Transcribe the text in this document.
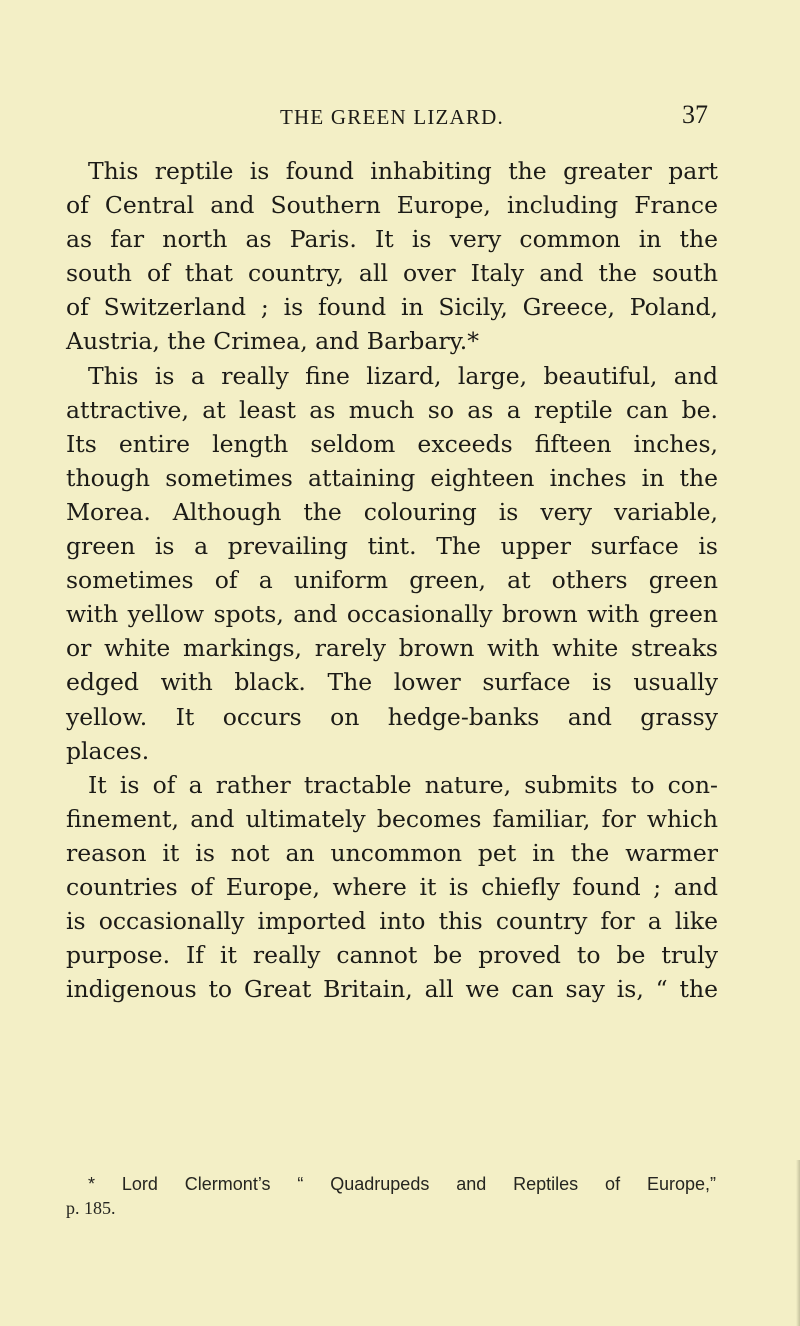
THE GREEN LIZARD.	37
This reptile is found inhabiting the greater part
of Central and Southern Europe, including France
as far north as Paris. It is very common in the
south of that country, all over Italy and the south
of Switzerland ; is found in Sicily, Greece, Poland,
Austria, the Crimea, and Barbary.*
This is a really fine lizard, large, beautiful, and
attractive, at least as much so as a reptile can be.
Its entire length seldom exceeds fifteen inches,
though sometimes attaining eighteen inches in the
Morea. Although the colouring is very variable,
green is a prevailing tint. The upper surface is
sometimes of a uniform green, at others green
with yellow spots, and occasionally brown with green
or white markings, rarely brown with white streaks
edged with black. The lower surface is usually
yellow. It occurs on hedge-banks and grassy
places.
It is of a rather tractable nature, submits to con-
finement, and ultimately becomes familiar, for which
reason it is not an uncommon pet in the warmer
countries of Europe, where it is chiefly found ; and
is occasionally imported into this country for a like
purpose. If it really cannot be proved to be truly
indigenous to Great Britain, all we can say is, “ the
* Lord Clermont’s “ Quadrupeds and Reptiles of Europe,”
p. 185.
